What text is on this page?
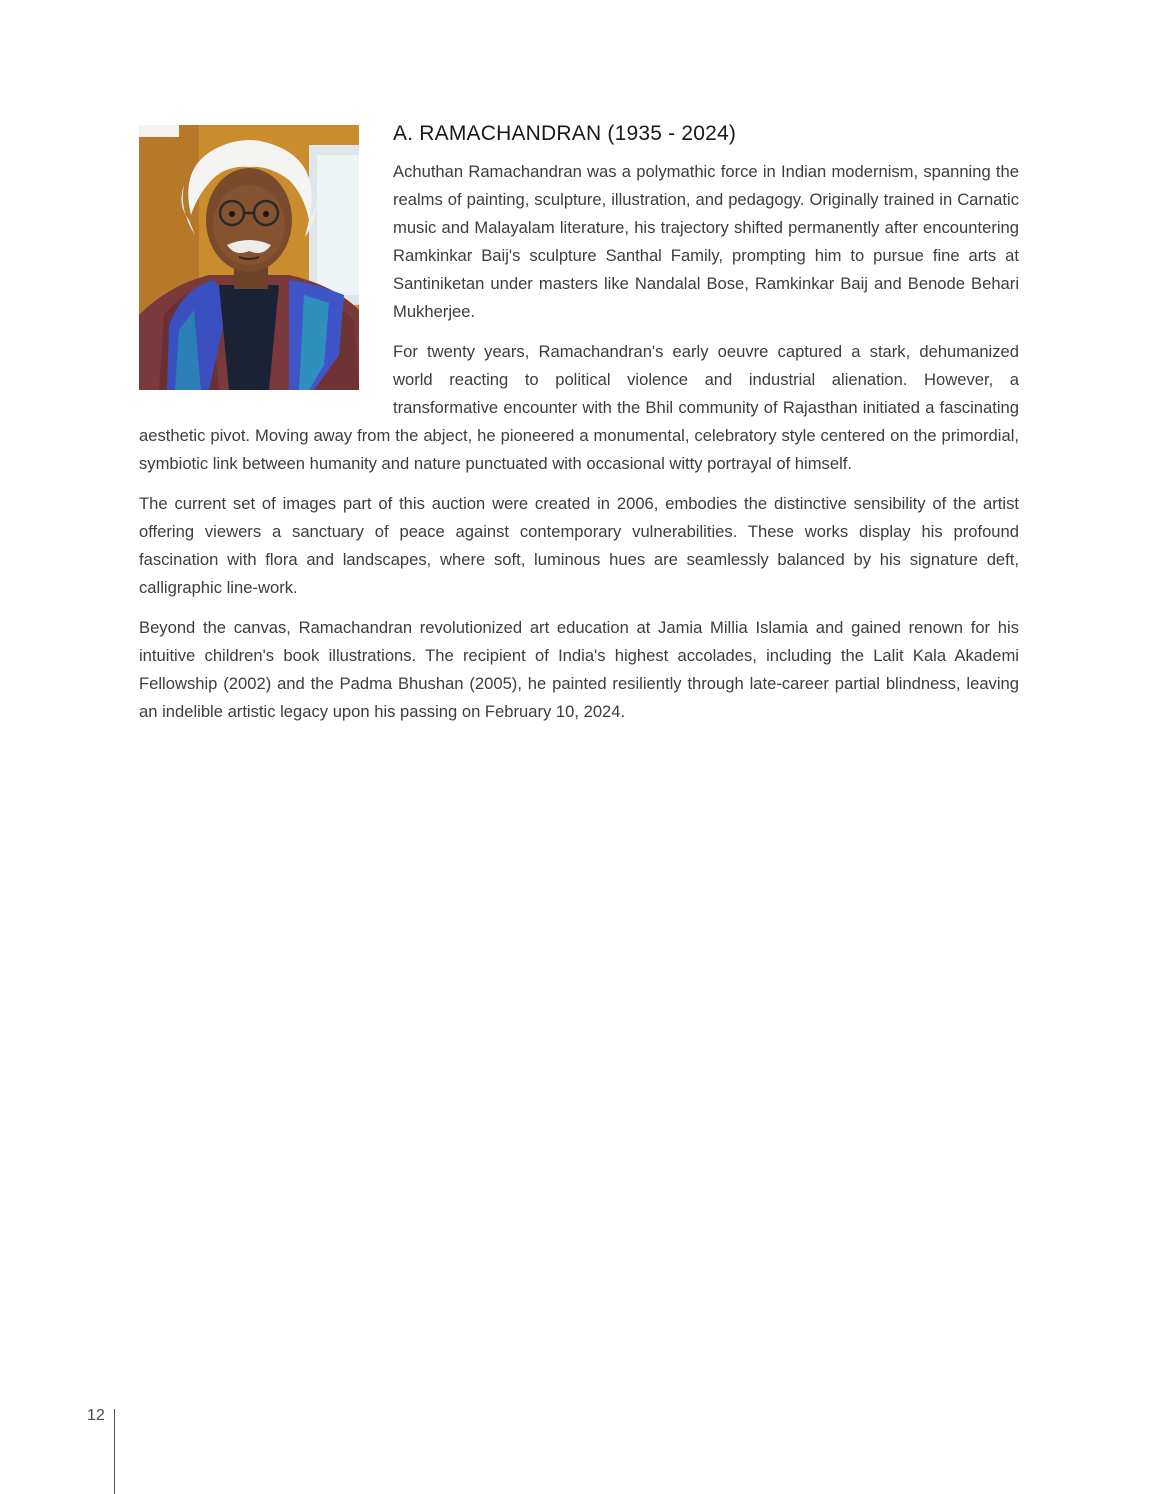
A. RAMACHANDRAN (1935 - 2024)

Achuthan Ramachandran was a polymathic force in Indian modernism, spanning the realms of painting, sculpture, illustration, and pedagogy. Originally trained in Carnatic music and Malayalam literature, his trajectory shifted permanently after encountering Ramkinkar Baij's sculpture Santhal Family, prompting him to pursue fine arts at Santiniketan under masters like Nandalal Bose, Ramkinkar Baij and Benode Behari Mukherjee.

For twenty years, Ramachandran's early oeuvre captured a stark, dehumanized world reacting to political violence and industrial alienation. However, a transformative encounter with the Bhil community of Rajasthan initiated a fascinating aesthetic pivot. Moving away from the abject, he pioneered a monumental, celebratory style centered on the primordial, symbiotic link between humanity and nature punctuated with occasional witty portrayal of himself.

The current set of images part of this auction were created in 2006, embodies the distinctive sensibility of the artist offering viewers a sanctuary of peace against contemporary vulnerabilities. These works display his profound fascination with flora and landscapes, where soft, luminous hues are seamlessly balanced by his signature deft, calligraphic line-work.

Beyond the canvas, Ramachandran revolutionized art education at Jamia Millia Islamia and gained renown for his intuitive children's book illustrations. The recipient of India's highest accolades, including the Lalit Kala Akademi Fellowship (2002) and the Padma Bhushan (2005), he painted resiliently through late-career partial blindness, leaving an indelible artistic legacy upon his passing on February 10, 2024.

12
